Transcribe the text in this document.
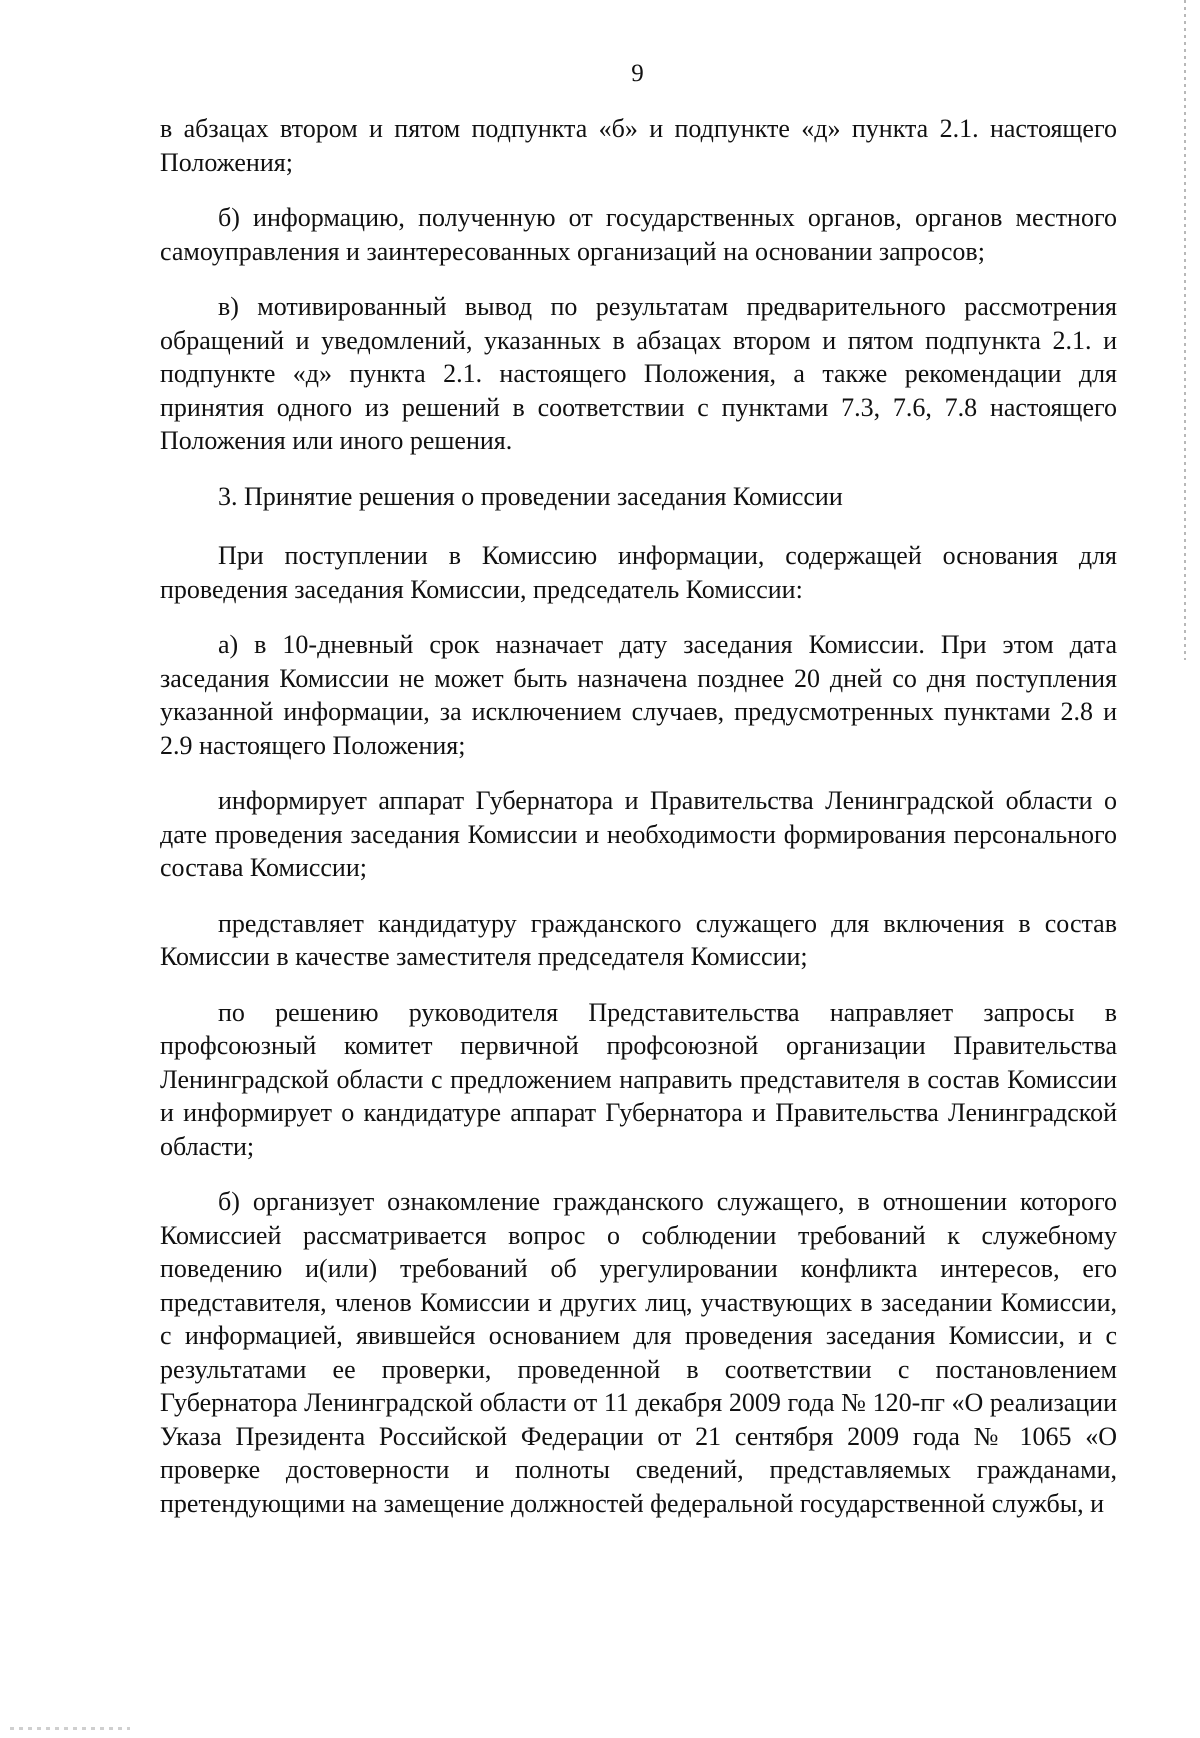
9

в абзацах втором и пятом подпункта «б» и подпункте «д» пункта 2.1. настоящего Положения;

б) информацию, полученную от государственных органов, органов местного самоуправления и заинтересованных организаций на основании запросов;

в) мотивированный вывод по результатам предварительного рассмотрения обращений и уведомлений, указанных в абзацах втором и пятом подпункта 2.1. и подпункте «д» пункта 2.1. настоящего Положения, а также рекомендации для принятия одного из решений в соответствии с пунктами 7.3, 7.6, 7.8 настоящего Положения или иного решения.

3. Принятие решения о проведении заседания Комиссии

При поступлении в Комиссию информации, содержащей основания для проведения заседания Комиссии, председатель Комиссии:

а) в 10-дневный срок назначает дату заседания Комиссии. При этом дата заседания Комиссии не может быть назначена позднее 20 дней со дня поступления указанной информации, за исключением случаев, предусмотренных пунктами 2.8 и 2.9 настоящего Положения;

информирует аппарат Губернатора и Правительства Ленинградской области о дате проведения заседания Комиссии и необходимости формирования персонального состава Комиссии;

представляет кандидатуру гражданского служащего для включения в состав Комиссии в качестве заместителя председателя Комиссии;

по решению руководителя Представительства направляет запросы в профсоюзный комитет первичной профсоюзной организации Правительства Ленинградской области с предложением направить представителя в состав Комиссии и информирует о кандидатуре аппарат Губернатора и Правительства Ленинградской области;

б) организует ознакомление гражданского служащего, в отношении которого Комиссией рассматривается вопрос о соблюдении требований к служебному поведению и(или) требований об урегулировании конфликта интересов, его представителя, членов Комиссии и других лиц, участвующих в заседании Комиссии, с информацией, явившейся основанием для проведения заседания Комиссии, и с результатами ее проверки, проведенной в соответствии с постановлением Губернатора Ленинградской области от 11 декабря 2009 года № 120-пг «О реализации Указа Президента Российской Федерации от 21 сентября 2009 года № 1065 «О проверке достоверности и полноты сведений, представляемых гражданами, претендующими на замещение должностей федеральной государственной службы, и
